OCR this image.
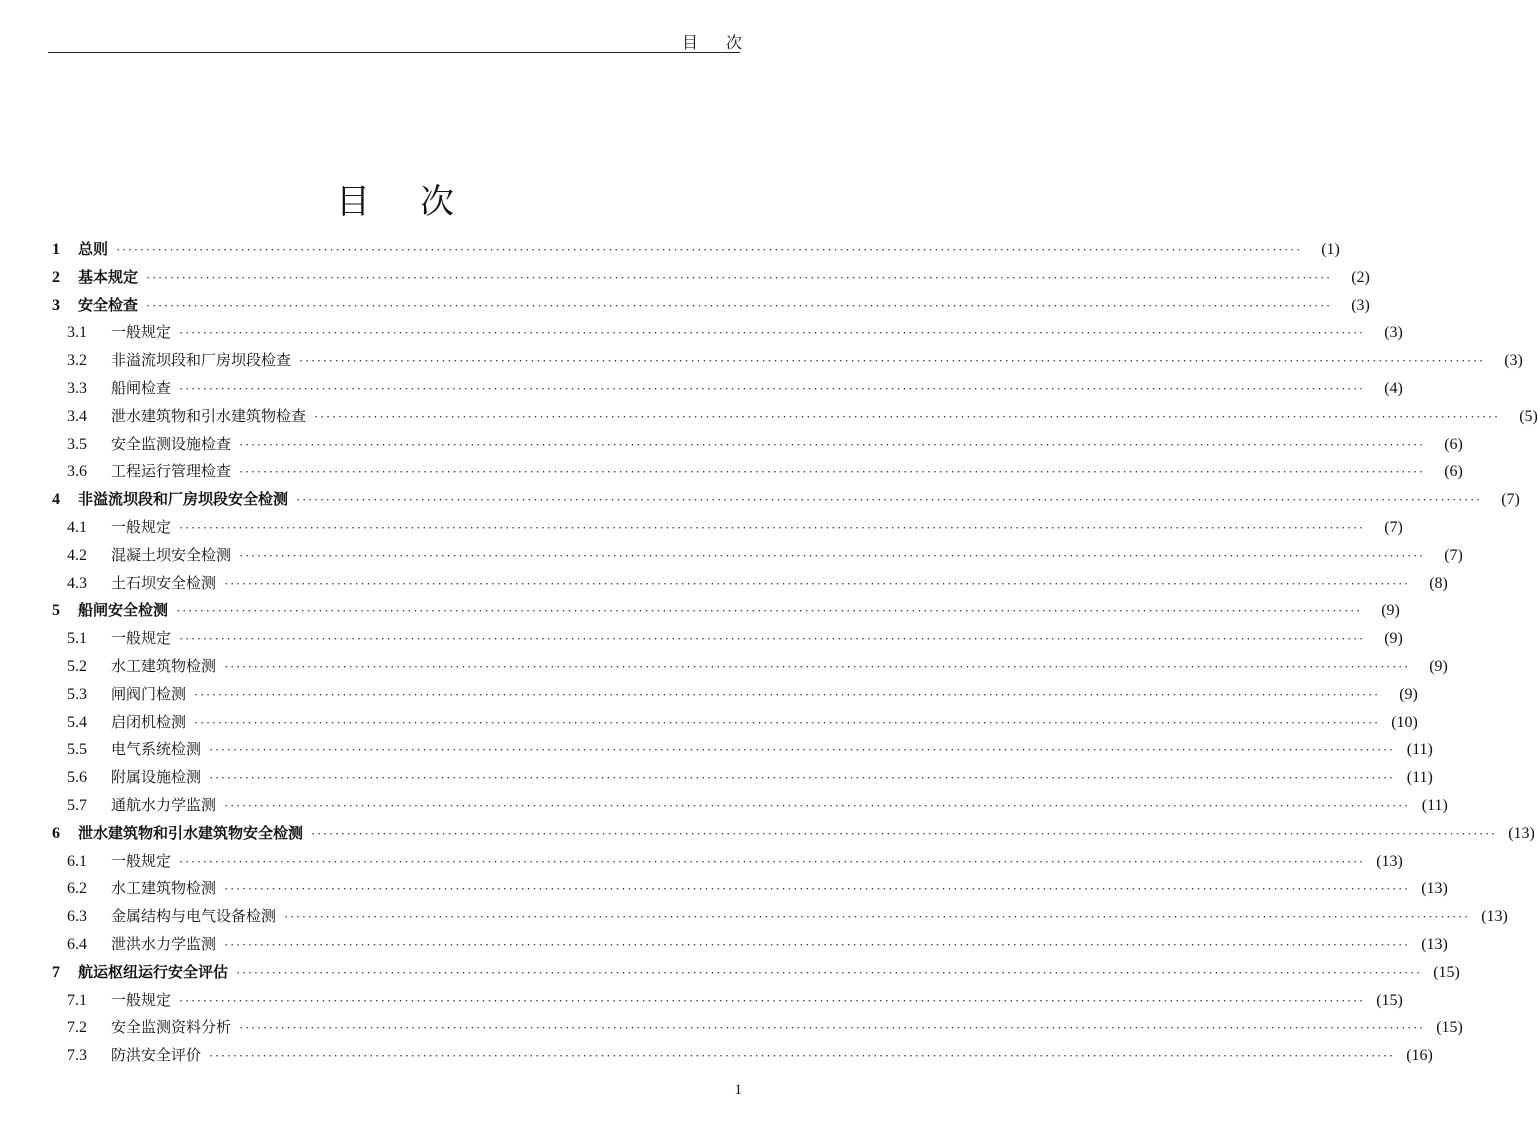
目次
目次
1	总则 ········································································································································································································	(1)
2	基本规定 ········································································································································································································	(2)
3	安全检查 ········································································································································································································	(3)
3.1	一般规定 ········································································································································································································	(3)
3.2	非溢流坝段和厂房坝段检查 ········································································································································································································	(3)
3.3	船闸检查 ········································································································································································································	(4)
3.4	泄水建筑物和引水建筑物检查 ········································································································································································································	(5)
3.5	安全监测设施检查 ········································································································································································································	(6)
3.6	工程运行管理检查 ········································································································································································································	(6)
4	非溢流坝段和厂房坝段安全检测 ········································································································································································································	(7)
4.1	一般规定 ········································································································································································································	(7)
4.2	混凝土坝安全检测 ········································································································································································································	(7)
4.3	土石坝安全检测 ········································································································································································································	(8)
5	船闸安全检测 ········································································································································································································	(9)
5.1	一般规定 ········································································································································································································	(9)
5.2	水工建筑物检测 ········································································································································································································	(9)
5.3	闸阀门检测 ········································································································································································································	(9)
5.4	启闭机检测 ········································································································································································································ (10)
5.5	电气系统检测 ········································································································································································································ (11)
5.6	附属设施检测 ········································································································································································································ (11)
5.7	通航水力学监测 ········································································································································································································ (11)
6	泄水建筑物和引水建筑物安全检测 ········································································································································································································ (13)
6.1	一般规定 ········································································································································································································ (13)
6.2	水工建筑物检测 ········································································································································································································ (13)
6.3	金属结构与电气设备检测 ········································································································································································································ (13)
6.4	泄洪水力学监测 ········································································································································································································ (13)
7	航运枢纽运行安全评估 ········································································································································································································ (15)
7.1	一般规定 ········································································································································································································ (15)
7.2	安全监测资料分析 ········································································································································································································ (15)
7.3	防洪安全评价 ········································································································································································································ (16)
1
